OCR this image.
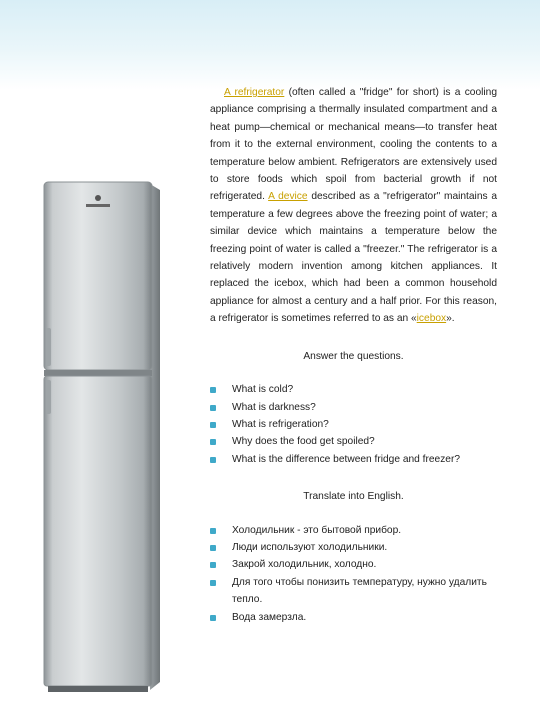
A refrigerator (often called a "fridge" for short) is a cooling appliance comprising a thermally insulated compartment and a heat pump—chemical or mechanical means—to transfer heat from it to the external environment, cooling the contents to a temperature below ambient. Refrigerators are extensively used to store foods which spoil from bacterial growth if not refrigerated. A device described as a "refrigerator" maintains a temperature a few degrees above the freezing point of water; a similar device which maintains a temperature below the freezing point of water is called a "freezer." The refrigerator is a relatively modern invention among kitchen appliances. It replaced the icebox, which had been a common household appliance for almost a century and a half prior. For this reason, a refrigerator is sometimes referred to as an «icebox».

Answer the questions.
What is cold?
What is darkness?
What is refrigeration?
Why does the food get spoiled?
What is the difference between fridge and freezer?
Translate into English.
Холодильник - это бытовой прибор.
Люди используют холодильники.
Закрой холодильник, холодно.
Для того чтобы понизить температуру, нужно удалить тепло.
Вода замерзла.
